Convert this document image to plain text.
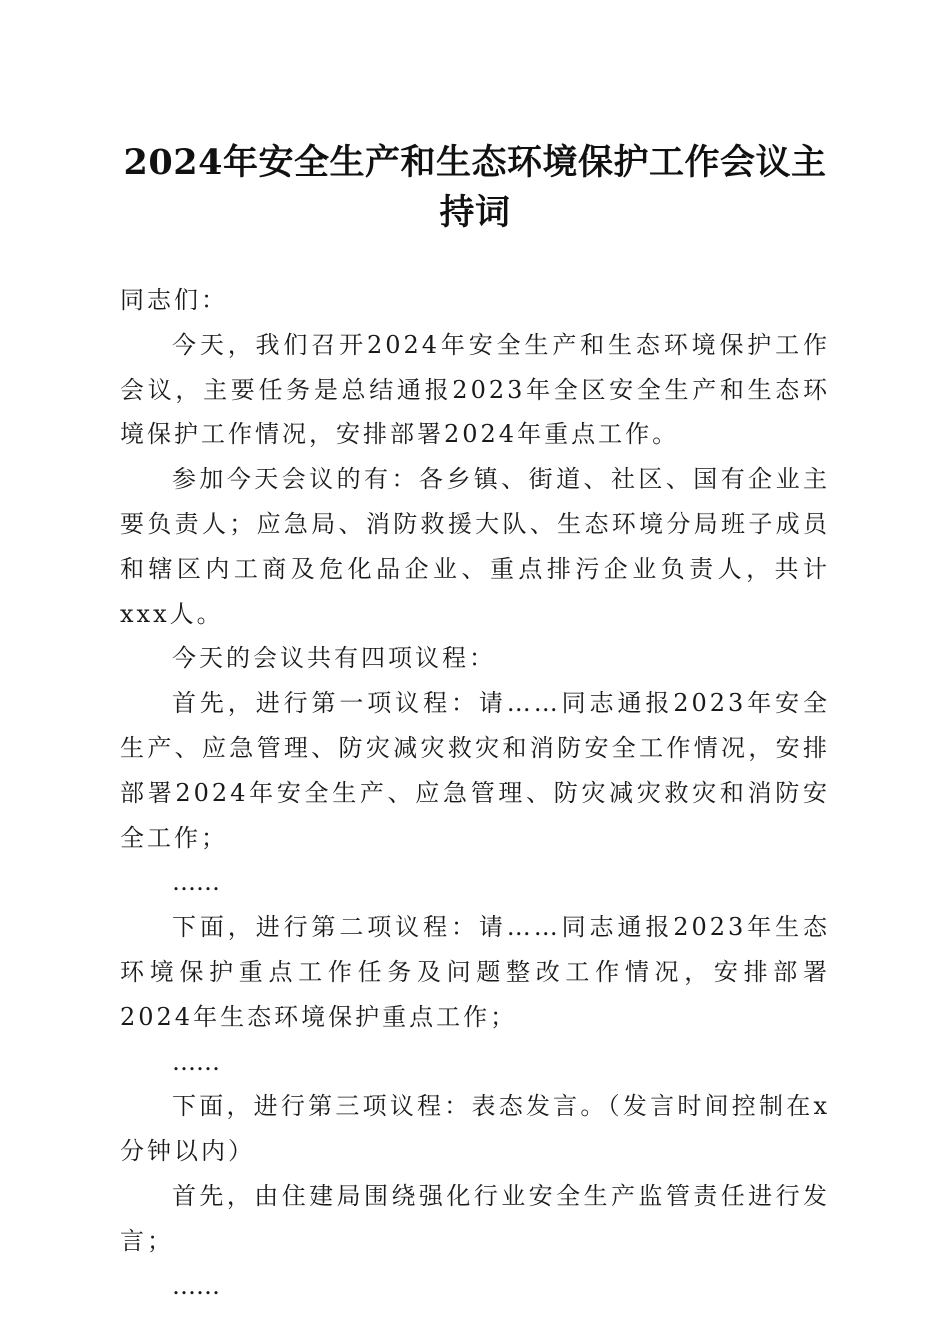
2024年安全生产和生态环境保护工作会议主持词

同志们：

今天，我们召开2024年安全生产和生态环境保护工作会议，主要任务是总结通报2023年全区安全生产和生态环境保护工作情况，安排部署2024年重点工作。

参加今天会议的有：各乡镇、街道、社区、国有企业主要负责人；应急局、消防救援大队、生态环境分局班子成员和辖区内工商及危化品企业、重点排污企业负责人，共计xxx人。

今天的会议共有四项议程：

首先，进行第一项议程：请……同志通报2023年安全生产、应急管理、防灾减灾救灾和消防安全工作情况，安排部署2024年安全生产、应急管理、防灾减灾救灾和消防安全工作；

……

下面，进行第二项议程：请……同志通报2023年生态环境保护重点工作任务及问题整改工作情况，安排部署2024年生态环境保护重点工作；

……

下面，进行第三项议程：表态发言。（发言时间控制在x分钟以内）

首先，由住建局围绕强化行业安全生产监管责任进行发言；

……
